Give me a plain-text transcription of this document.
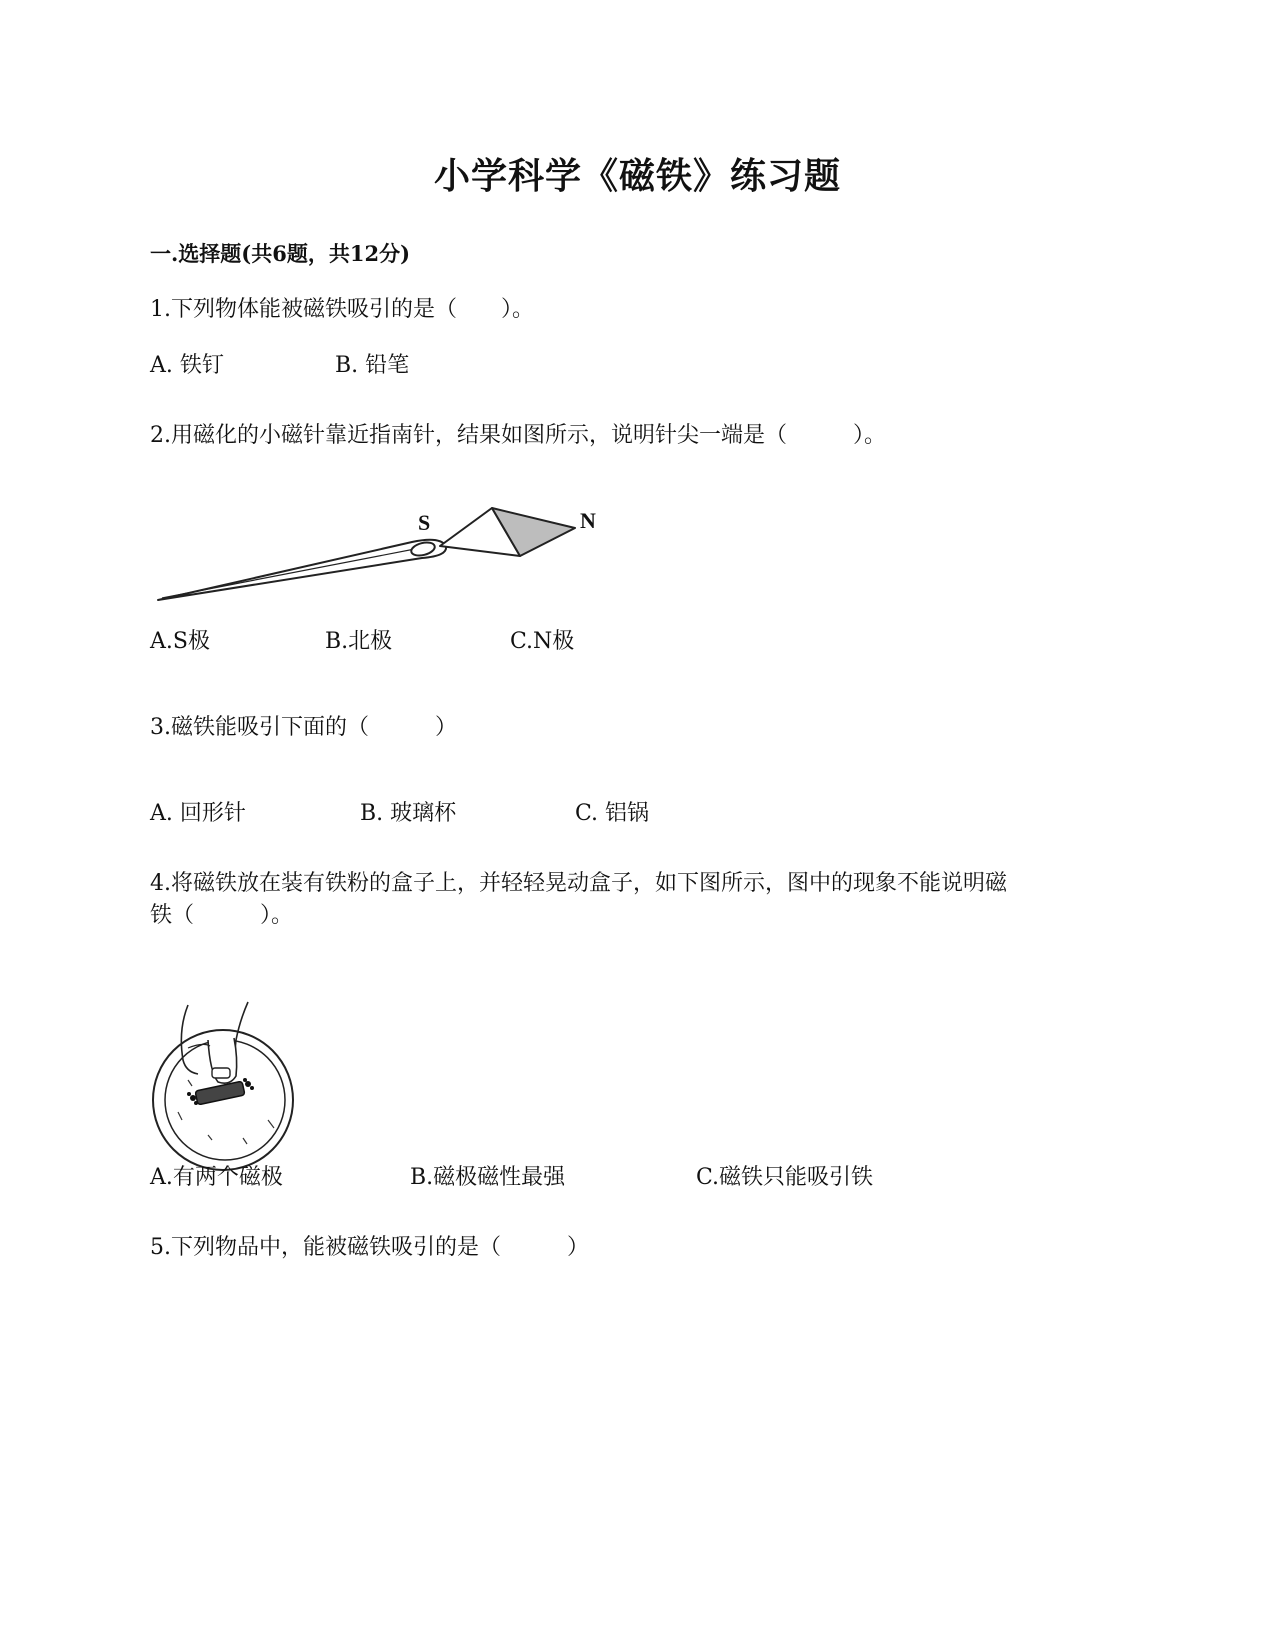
小学科学《磁铁》练习题
一.选择题(共6题，共12分)
1.下列物体能被磁铁吸引的是（　　）。
A. 铁钉	B. 铅笔
2.用磁化的小磁针靠近指南针，结果如图所示，说明针尖一端是（　　　）。
S	N
A.S极	B.北极	C.N极
3.磁铁能吸引下面的（　　　）
A. 回形针	B. 玻璃杯	C. 铝锅
4.将磁铁放在装有铁粉的盒子上，并轻轻晃动盒子，如下图所示，图中的现象不能说明磁
铁（　　　）。
A.有两个磁极	B.磁极磁性最强	C.磁铁只能吸引铁
5.下列物品中，能被磁铁吸引的是（　　　）
